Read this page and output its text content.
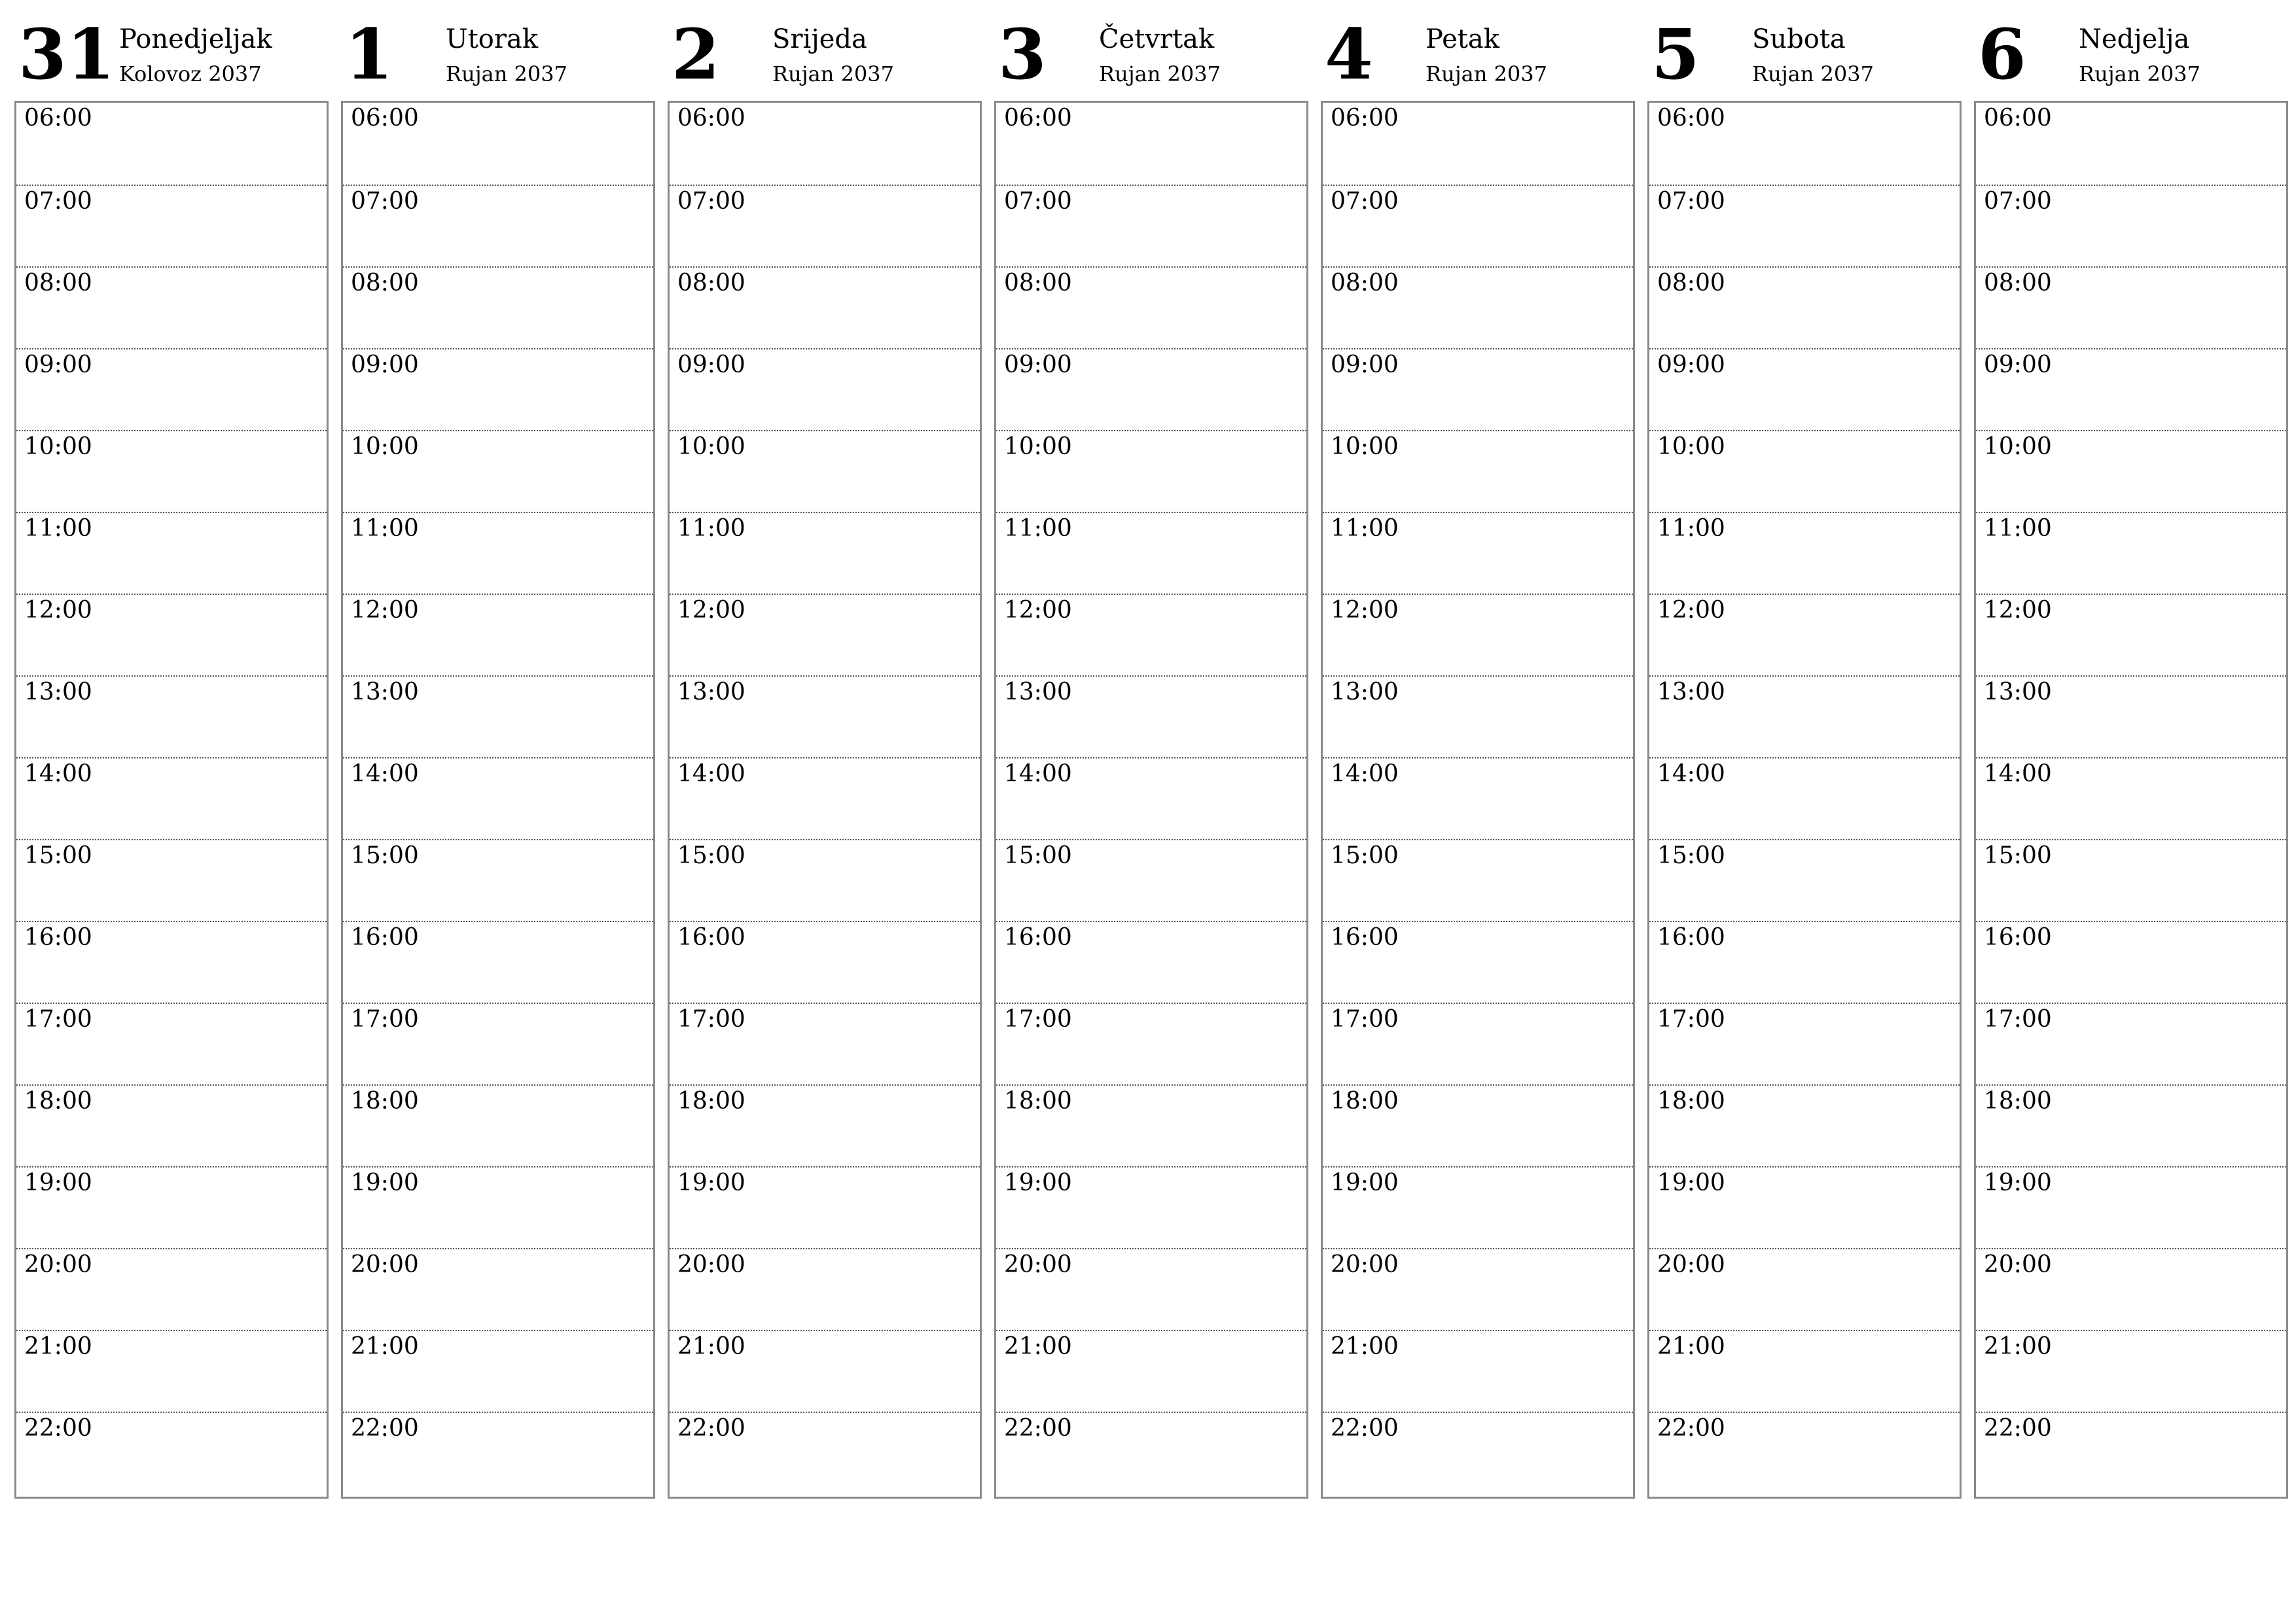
31 Ponedjeljak
Kolovoz 2037
06:00
07:00
08:00
09:00
10:00
11:00
12:00
13:00
14:00
15:00
16:00
17:00
18:00
19:00
20:00
21:00
22:00
1 Utorak
Rujan 2037
06:00
07:00
08:00
09:00
10:00
11:00
12:00
13:00
14:00
15:00
16:00
17:00
18:00
19:00
20:00
21:00
22:00
2 Srijeda
Rujan 2037
06:00
07:00
08:00
09:00
10:00
11:00
12:00
13:00
14:00
15:00
16:00
17:00
18:00
19:00
20:00
21:00
22:00
3 Četvrtak
Rujan 2037
06:00
07:00
08:00
09:00
10:00
11:00
12:00
13:00
14:00
15:00
16:00
17:00
18:00
19:00
20:00
21:00
22:00
4 Petak
Rujan 2037
06:00
07:00
08:00
09:00
10:00
11:00
12:00
13:00
14:00
15:00
16:00
17:00
18:00
19:00
20:00
21:00
22:00
5 Subota
Rujan 2037
06:00
07:00
08:00
09:00
10:00
11:00
12:00
13:00
14:00
15:00
16:00
17:00
18:00
19:00
20:00
21:00
22:00
6 Nedjelja
Rujan 2037
06:00
07:00
08:00
09:00
10:00
11:00
12:00
13:00
14:00
15:00
16:00
17:00
18:00
19:00
20:00
21:00
22:00
